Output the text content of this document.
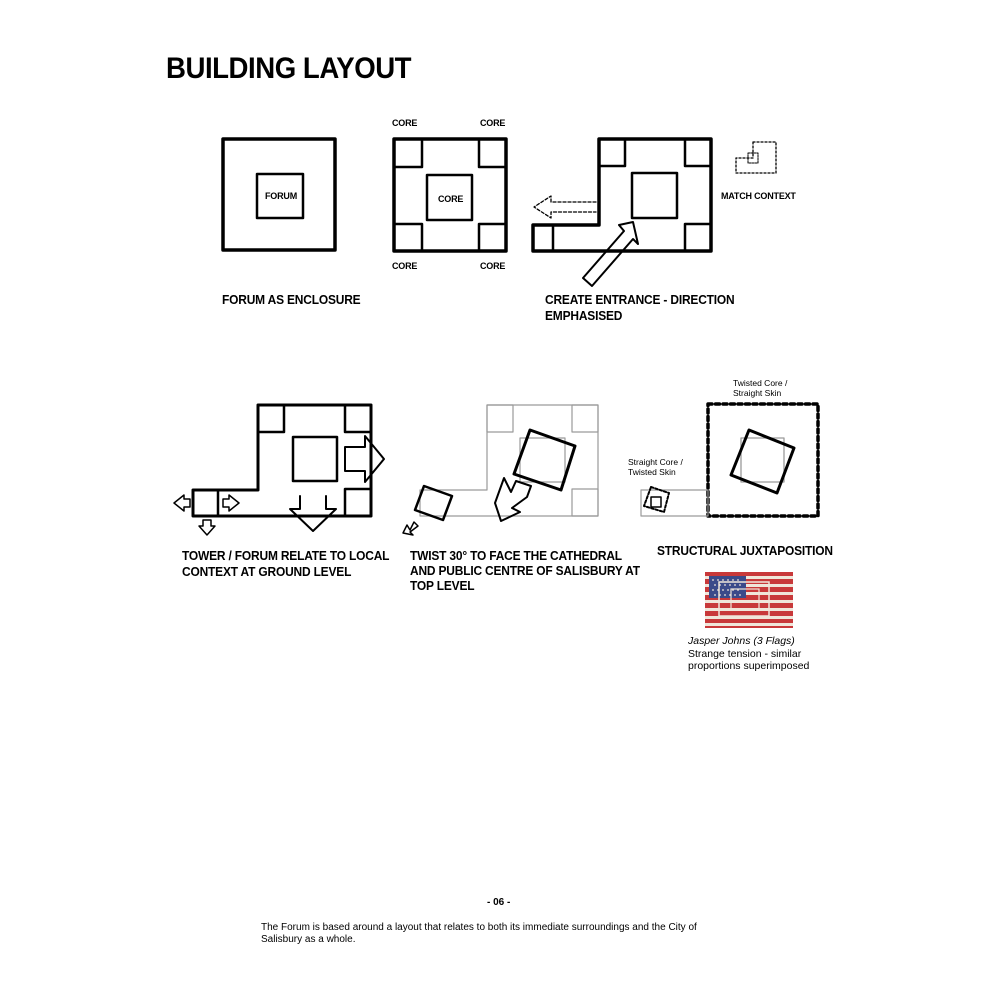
BUILDING LAYOUT
FORUM
FORUM AS ENCLOSURE
CORE	CORE
CORE
CORE	CORE
MATCH CONTEXT
CREATE ENTRANCE - DIRECTION
EMPHASISED
TOWER / FORUM RELATE TO LOCAL
CONTEXT AT GROUND LEVEL
TWIST 30° TO FACE THE CATHEDRAL
AND PUBLIC CENTRE OF SALISBURY AT
TOP LEVEL
Twisted Core /
Straight Skin
Straight Core /
Twisted Skin
STRUCTURAL JUXTAPOSITION
Jasper Johns (3 Flags)
Strange tension - similar
proportions superimposed
- 06 -
The Forum is based around a layout that relates to both its immediate surroundings and the City of Salisbury as a whole.
